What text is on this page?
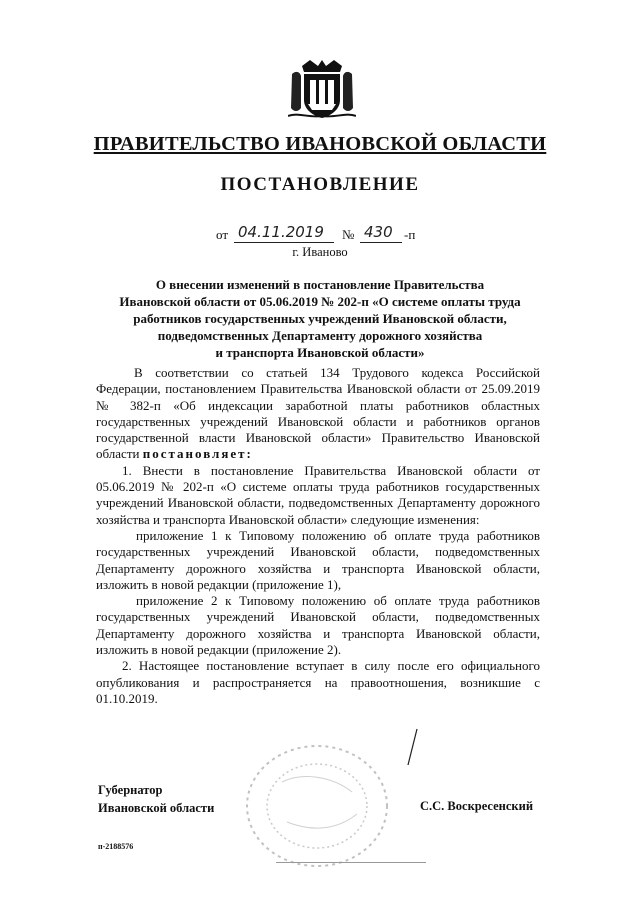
ПРАВИТЕЛЬСТВО ИВАНОВСКОЙ ОБЛАСТИ
ПОСТАНОВЛЕНИЕ
от 04.11.2019 № 430 -п
г. Иваново
О внесении изменений в постановление Правительства
Ивановской области от 05.06.2019 № 202-п «О системе оплаты труда
работников государственных учреждений Ивановской области,
подведомственных Департаменту дорожного хозяйства
и транспорта Ивановской области»

В соответствии со статьей 134 Трудового кодекса Российской Федерации, постановлением Правительства Ивановской области от 25.09.2019 № 382-п «Об индексации заработной платы работников областных государственных учреждений Ивановской области и работников органов государственной власти Ивановской области» Правительство Ивановской области постановляет:

1. Внести в постановление Правительства Ивановской области от 05.06.2019 № 202-п «О системе оплаты труда работников государственных учреждений Ивановской области, подведомственных Департаменту дорожного хозяйства и транспорта Ивановской области» следующие изменения:

приложение 1 к Типовому положению об оплате труда работников государственных учреждений Ивановской области, подведомственных Департаменту дорожного хозяйства и транспорта Ивановской области, изложить в новой редакции (приложение 1),

приложение 2 к Типовому положению об оплате труда работников государственных учреждений Ивановской области, подведомственных Департаменту дорожного хозяйства и транспорта Ивановской области, изложить в новой редакции (приложение 2).

2. Настоящее постановление вступает в силу после его официального опубликования и распространяется на правоотношения, возникшие с 01.10.2019.

Губернатор
Ивановской области	С.С. Воскресенский
п-2188576
